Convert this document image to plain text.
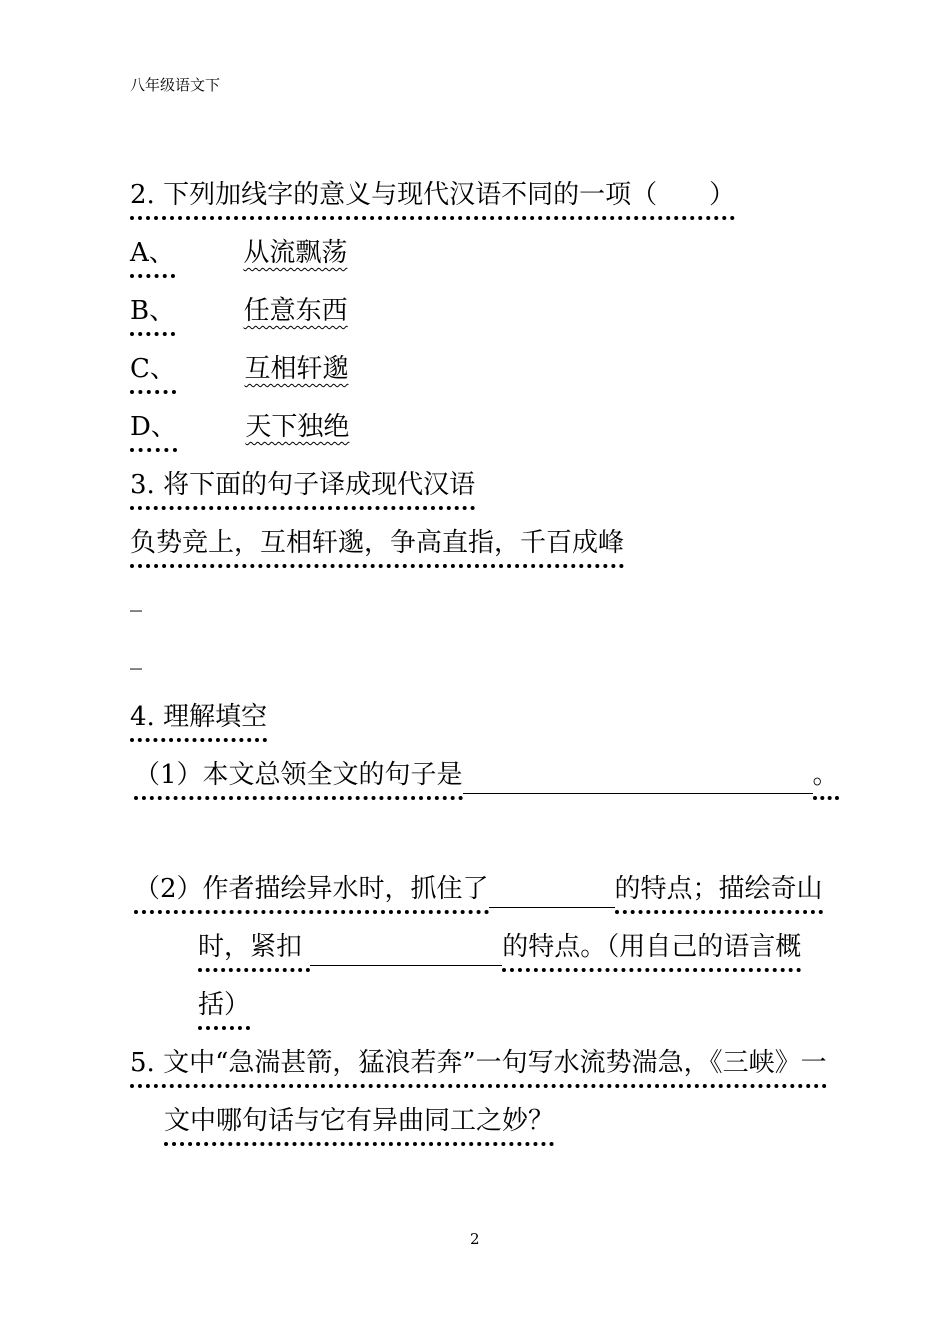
八年级语文下
2. 下列加线字的意义与现代汉语不同的一项（　　）
A、	从流飘荡
B、	任意东西
C、	互相轩邈
D、	天下独绝
3. 将下面的句子译成现代汉语
负势竞上，互相轩邈，争高直指，千百成峰
_
_
4. 理解填空
（1）本文总领全文的句子是	。
（2）作者描绘异水时，抓住了	的特点；描绘奇山
时，紧扣	的特点。（用自己的语言概
括）
5. 文中“急湍甚箭，猛浪若奔”一句写水流势湍急，《三峡》一
文中哪句话与它有异曲同工之妙？
2
